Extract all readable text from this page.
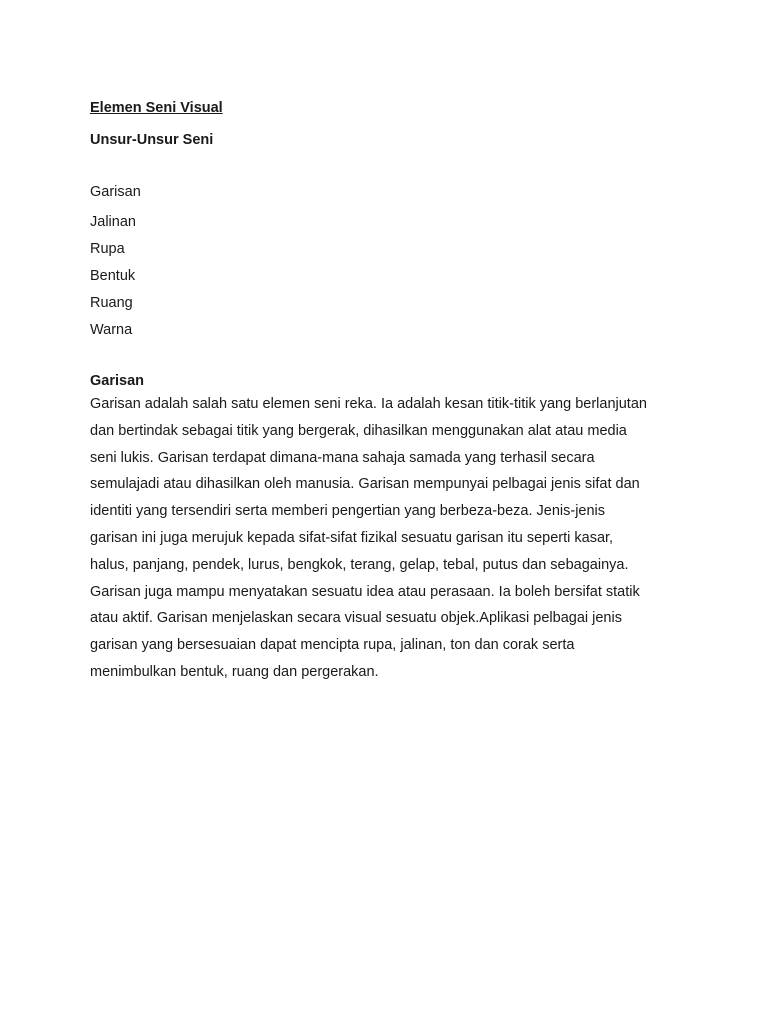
Elemen Seni Visual

Unsur-Unsur Seni

Garisan
Jalinan
Rupa
Bentuk
Ruang
Warna

Garisan

Garisan adalah salah satu elemen seni reka. Ia adalah kesan titik-titik yang berlanjutan
dan bertindak sebagai titik yang bergerak, dihasilkan menggunakan alat atau media
seni lukis. Garisan terdapat dimana-mana sahaja samada yang terhasil secara
semulajadi atau dihasilkan oleh manusia. Garisan mempunyai pelbagai jenis sifat dan
identiti yang tersendiri serta memberi pengertian yang berbeza-beza. Jenis-jenis
garisan ini juga merujuk kepada sifat-sifat fizikal sesuatu garisan itu seperti kasar,
halus, panjang, pendek, lurus, bengkok, terang, gelap, tebal, putus dan sebagainya.
Garisan juga mampu menyatakan sesuatu idea atau perasaan. Ia boleh bersifat statik
atau aktif. Garisan menjelaskan secara visual sesuatu objek.Aplikasi pelbagai jenis
garisan yang bersesuaian dapat mencipta rupa, jalinan, ton dan corak serta
menimbulkan bentuk, ruang dan pergerakan.
